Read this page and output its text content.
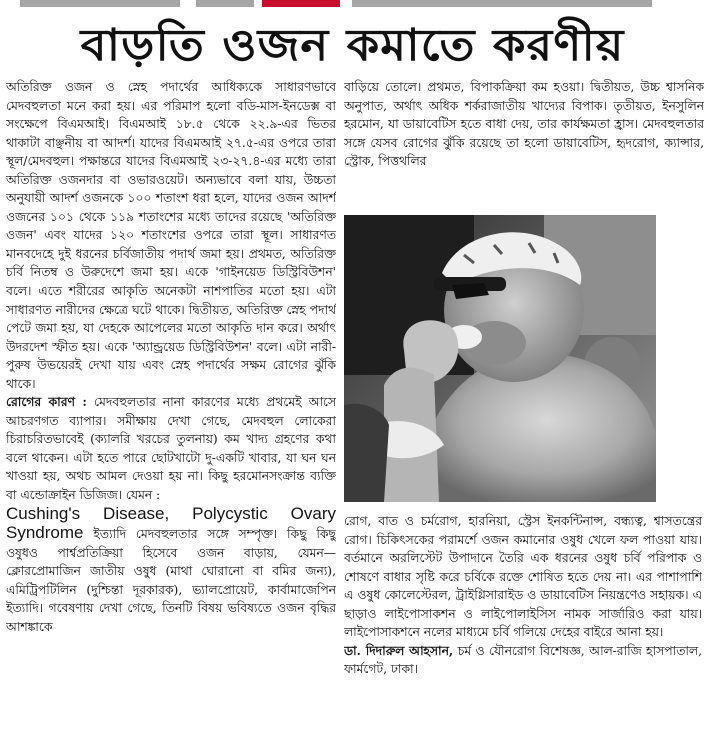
বাড়তি ওজন কমাতে করণীয়

অতিরিক্ত ওজন ও স্নেহ পদার্থের আধিক্যকে সাধারণভাবে মেদবহুলতা মনে করা হয়। এর পরিমাপ হলো বডি-মাস-ইনডেক্স বা সংক্ষেপে বিএমআই। বিএমআই ১৮.৫ থেকে ২২.৯-এর ভিতর থাকাটা বাঞ্ছনীয় বা আদর্শ। যাদের বিএমআই ২৭.৫-এর ওপরে তারা স্থূল/মেদবহুল। পক্ষান্তরে যাদের বিএমআই ২৩-২৭.৪-এর মধ্যে তারা অতিরিক্ত ওজনদার বা ওভারওয়েট। অন্যভাবে বলা যায়, উচ্চতা অনুযায়ী আদর্শ ওজনকে ১০০ শতাংশ ধরা হলে, যাদের ওজন আদর্শ ওজনের ১০১ থেকে ১১৯ শতাংশের মধ্যে তাদের রয়েছে 'অতিরিক্ত ওজন' এবং যাদের ১২০ শতাংশের ওপরে তারা স্থূল। সাধারণত মানবদেহে দুই ধরনের চর্বিজাতীয় পদার্থ জমা হয়। প্রথমত, অতিরিক্ত চর্বি নিতম্ব ও উরুদেশে জমা হয়। একে 'গাইনয়েড ডিস্ট্রিবিউশন' বলে। এতে শরীরের আকৃতি অনেকটা নাশপাতির মতো হয়। এটা সাধারণত নারীদের ক্ষেত্রে ঘটে থাকে। দ্বিতীয়ত, অতিরিক্ত স্নেহ পদার্থ পেটে জমা হয়, যা দেহকে আপেলের মতো আকৃতি দান করে। অর্থাৎ উদরদেশ স্ফীত হয়। একে 'অ্যান্ড্রয়েড ডিস্ট্রিবিউশন' বলে। এটা নারী-পুরুষ উভয়েরই দেখা যায় এবং স্নেহ পদার্থের সক্ষম রোগের ঝুঁকি থাকে।

রোগের কারণ : মেদবহুলতার নানা কারণের মধ্যে প্রথমেই আসে আচরণগত ব্যাপার। সমীক্ষায় দেখা গেছে, মেদবহুল লোকেরা চিরাচরিতভাবেই (ক্যালরি খরচের তুলনায়) কম খাদ্য গ্রহণের কথা বলে থাকেন। এটা হতে পারে ছোটখাটো দু-একটি খাবার, যা ঘন ঘন খাওয়া হয়, অথচ আমল দেওয়া হয় না। কিছু হরমোনসংক্রান্ত ব্যক্তি বা এন্ডোক্রাইন ডিজিজ। যেমন :
Cushing's Disease, Polycystic Ovary Syndrome ইত্যাদি মেদবহুলতার সঙ্গে সম্পৃক্ত। কিছু কিছু ওষুধও পার্শ্বপ্রতিক্রিয়া হিসেবে ওজন বাড়ায়, যেমন— ক্লোরপ্রোমাজিন জাতীয় ওষুধ (মাথা ঘোরানো বা বমির জন্য), এমিট্রিপটিলিন (দুশ্চিন্তা দূরকারক), ভ্যালপ্রোয়েট, কার্বামাজেপিন ইত্যাদি। গবেষণায় দেখা গেছে, তিনটি বিষয় ভবিষ্যতে ওজন বৃদ্ধির আশঙ্কাকে

বাড়িয়ে তোলে। প্রথমত, বিপাকক্রিয়া কম হওয়া। দ্বিতীয়ত, উচ্চ শ্বাসনিক অনুপাত, অর্থাৎ অধিক শর্করাজাতীয় খাদ্যের বিপাক। তৃতীয়ত, ইনসুলিন হরমোন, যা ডায়াবেটিস হতে বাধা দেয়, তার কার্যক্ষমতা হ্রাস। মেদবহুলতার সঙ্গে যেসব রোগের ঝুঁকি রয়েছে তা হলো ডায়াবেটিস, হৃদরোগ, ক্যান্সার, স্ট্রোক, পিত্তথলির

রোগ, বাত ও চর্মরোগ, হারনিয়া, স্ট্রেস ইনকন্টিনান্স, বন্ধ্যত্ব, শ্বাসতন্ত্রের রোগ। চিকিৎসকের পরামর্শে ওজন কমানোর ওষুধ খেলে ফল পাওয়া যায়। বর্তমানে অরলিস্টেট উপাদানে তৈরি এক ধরনের ওষুধ চর্বি পরিপাক ও শোষণে বাধার সৃষ্টি করে চর্বিকে রক্তে শোষিত হতে দেয় না। এর পাশাপাশি এ ওষুধ কোলেস্টেরল, ট্রাইগ্লিসারাইড ও ডায়াবেটিস নিয়ন্ত্রণেও সহায়ক। এ ছাড়াও লাইপোসাকশন ও লাইপোলাইসিস নামক সার্জারিও করা যায়। লাইপোসাকশনে নলের মাধ্যমে চর্বি গলিয়ে দেহের বাইরে আনা হয়।

ডা. দিদারুল আহসান, চর্ম ও যৌনরোগ বিশেষজ্ঞ, আল-রাজি হাসপাতাল, ফার্মগেট, ঢাকা।
